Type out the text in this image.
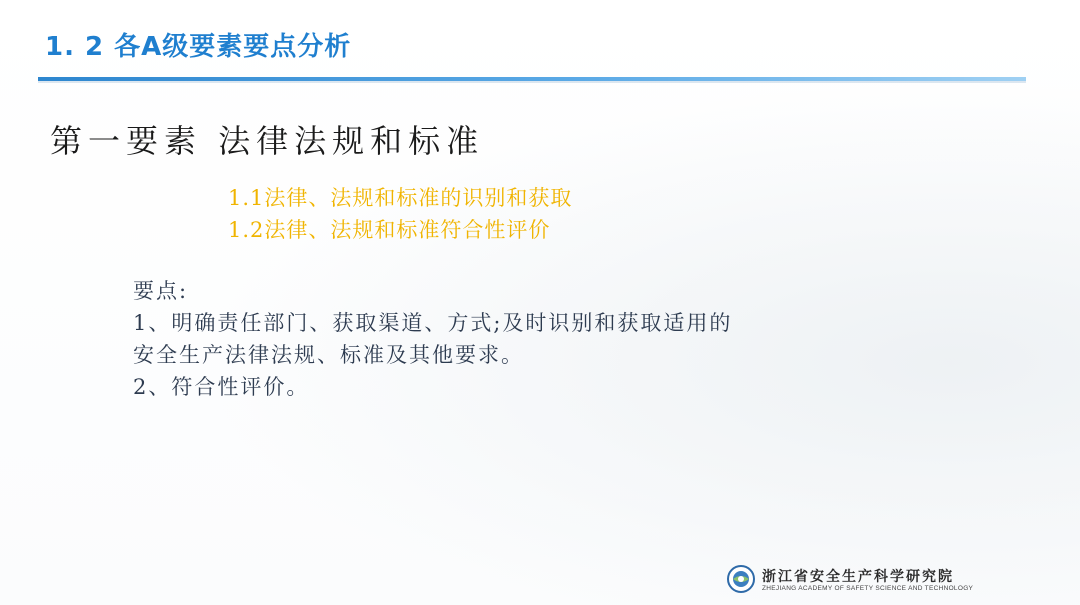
1. 2 各A级要素要点分析
第一要素 法律法规和标准
1.1法律、法规和标准的识别和获取
1.2法律、法规和标准符合性评价
要点:
1、明确责任部门、获取渠道、方式;及时识别和获取适用的
安全生产法律法规、标准及其他要求。
2、符合性评价。
浙江省安全生产科学研究院
ZHEJIANG ACADEMY OF SAFETY SCIENCE AND TECHNOLOGY
